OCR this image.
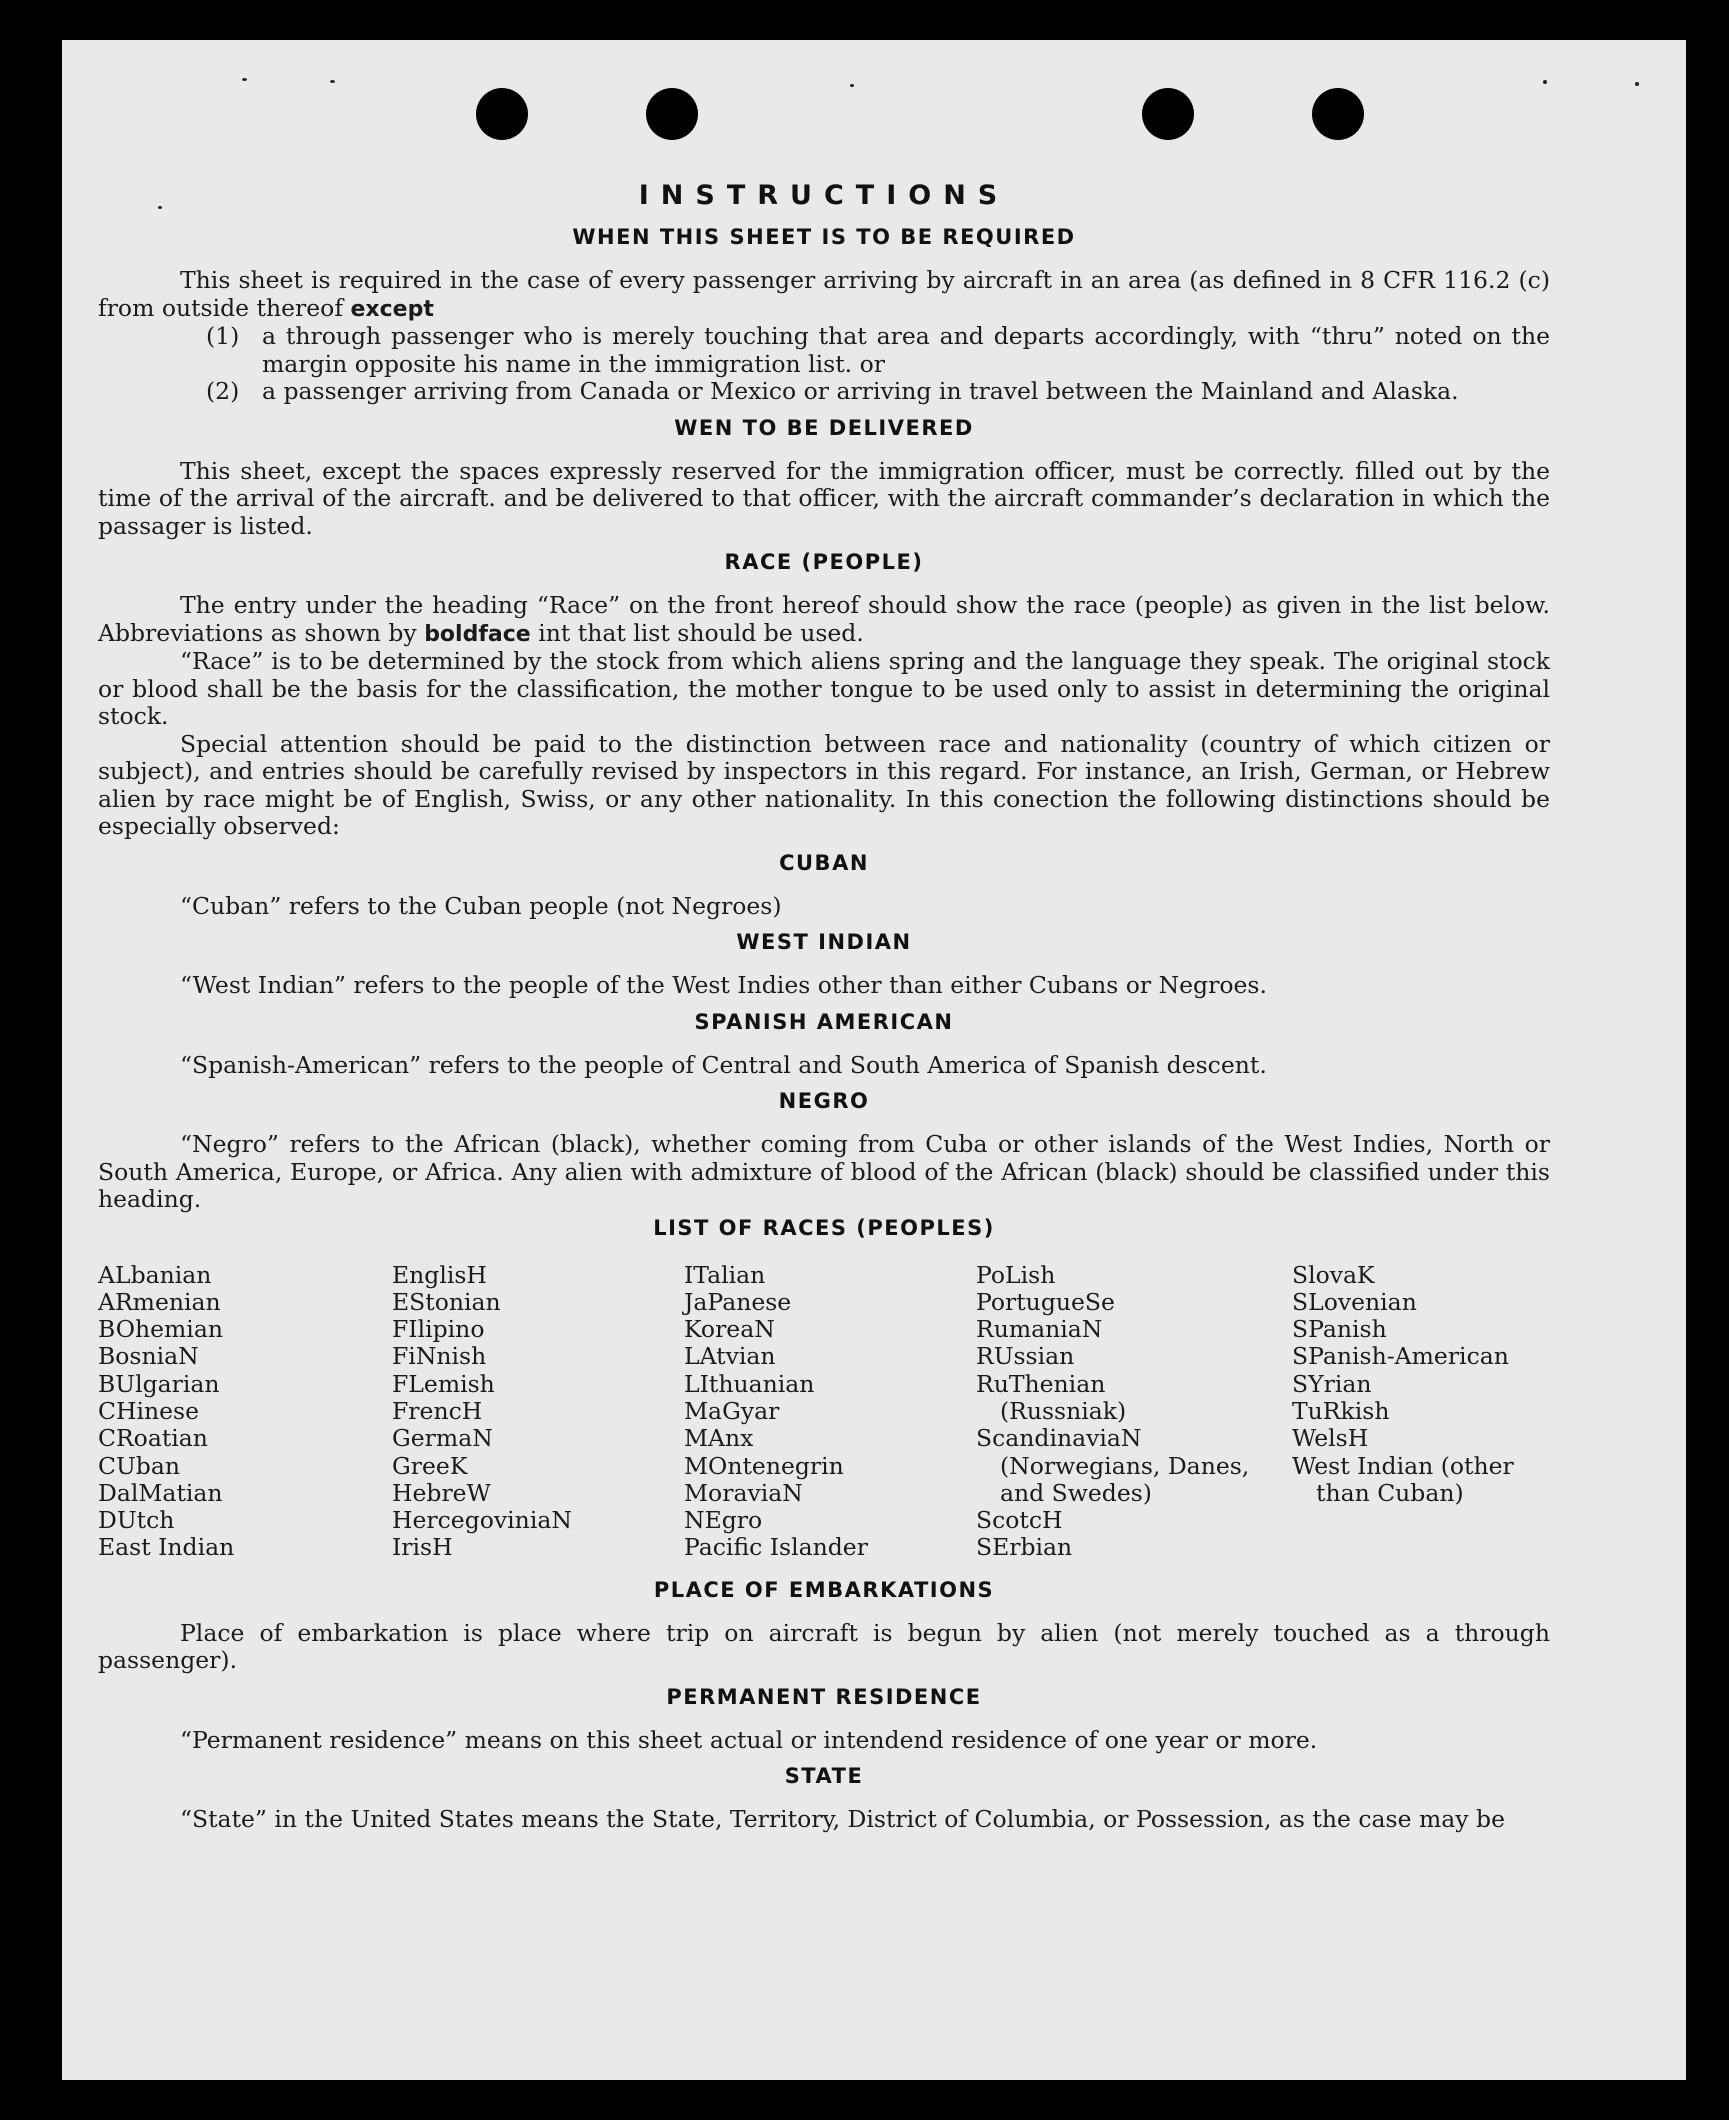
INSTRUCTIONS
WHEN THIS SHEET IS TO BE REQUIRED

This sheet is required in the case of every passenger arriving by aircraft in an area (as defined in 8 CFR 116.2 (c) from outside thereof except

(1) a through passenger who is merely touching that area and departs accordingly, with “thru” noted on the margin opposite his name in the immigration list. or
(2) a passenger arriving from Canada or Mexico or arriving in travel between the Mainland and Alaska.
WEN TO BE DELIVERED

This sheet, except the spaces expressly reserved for the immigration officer, must be correctly. filled out by the time of the arrival of the aircraft. and be delivered to that officer, with the aircraft commander’s declaration in which the passager is listed.

RACE (PEOPLE)

The entry under the heading “Race” on the front hereof should show the race (people) as given in the list below. Abbreviations as shown by boldface int that list should be used.

“Race” is to be determined by the stock from which aliens spring and the language they speak. The original stock or blood shall be the basis for the classification, the mother tongue to be used only to assist in determining the original stock.

Special attention should be paid to the distinction between race and nationality (country of which citizen or subject), and entries should be carefully revised by inspectors in this regard. For instance, an Irish, German, or Hebrew alien by race might be of English, Swiss, or any other nationality. In this conection the following distinctions should be especially observed:

CUBAN

“Cuban” refers to the Cuban people (not Negroes)

WEST INDIAN

“West Indian” refers to the people of the West Indies other than either Cubans or Negroes.

SPANISH AMERICAN

“Spanish-American” refers to the people of Central and South America of Spanish descent.

NEGRO

“Negro” refers to the African (black), whether coming from Cuba or other islands of the West Indies, North or South America, Europe, or Africa. Any alien with admixture of blood of the African (black) should be classified under this heading.

LIST OF RACES (PEOPLES)
ALbanian
ARmenian
BOhemian
BosniaN
BUlgarian
CHinese
CRoatian
CUban
DalMatian
DUtch
East Indian
EnglisH
EStonian
FIlipino
FiNnish
FLemish
FrencH
GermaN
GreeK
HebreW
HercegoviniaN
IrisH
ITalian
JaPanese
KoreaN
LAtvian
LIthuanian
MaGyar
MAnx
MOntenegrin
MoraviaN
NEgro
Pacific Islander
PoLish
PortugueSe
RumaniaN
RUssian
RuThenian (Russniak)
ScandinaviaN (Norwegians, Danes, and Swedes)
ScotcH
SErbian
SlovaK
SLovenian
SPanish
SPanish-American
SYrian
TuRkish
WelsH
West Indian (other than Cuban)
PLACE OF EMBARKATIONS

Place of embarkation is place where trip on aircraft is begun by alien (not merely touched as a through passenger).

PERMANENT RESIDENCE

“Permanent residence” means on this sheet actual or intendend residence of one year or more.

STATE

“State” in the United States means the State, Territory, District of Columbia, or Possession, as the case may be
